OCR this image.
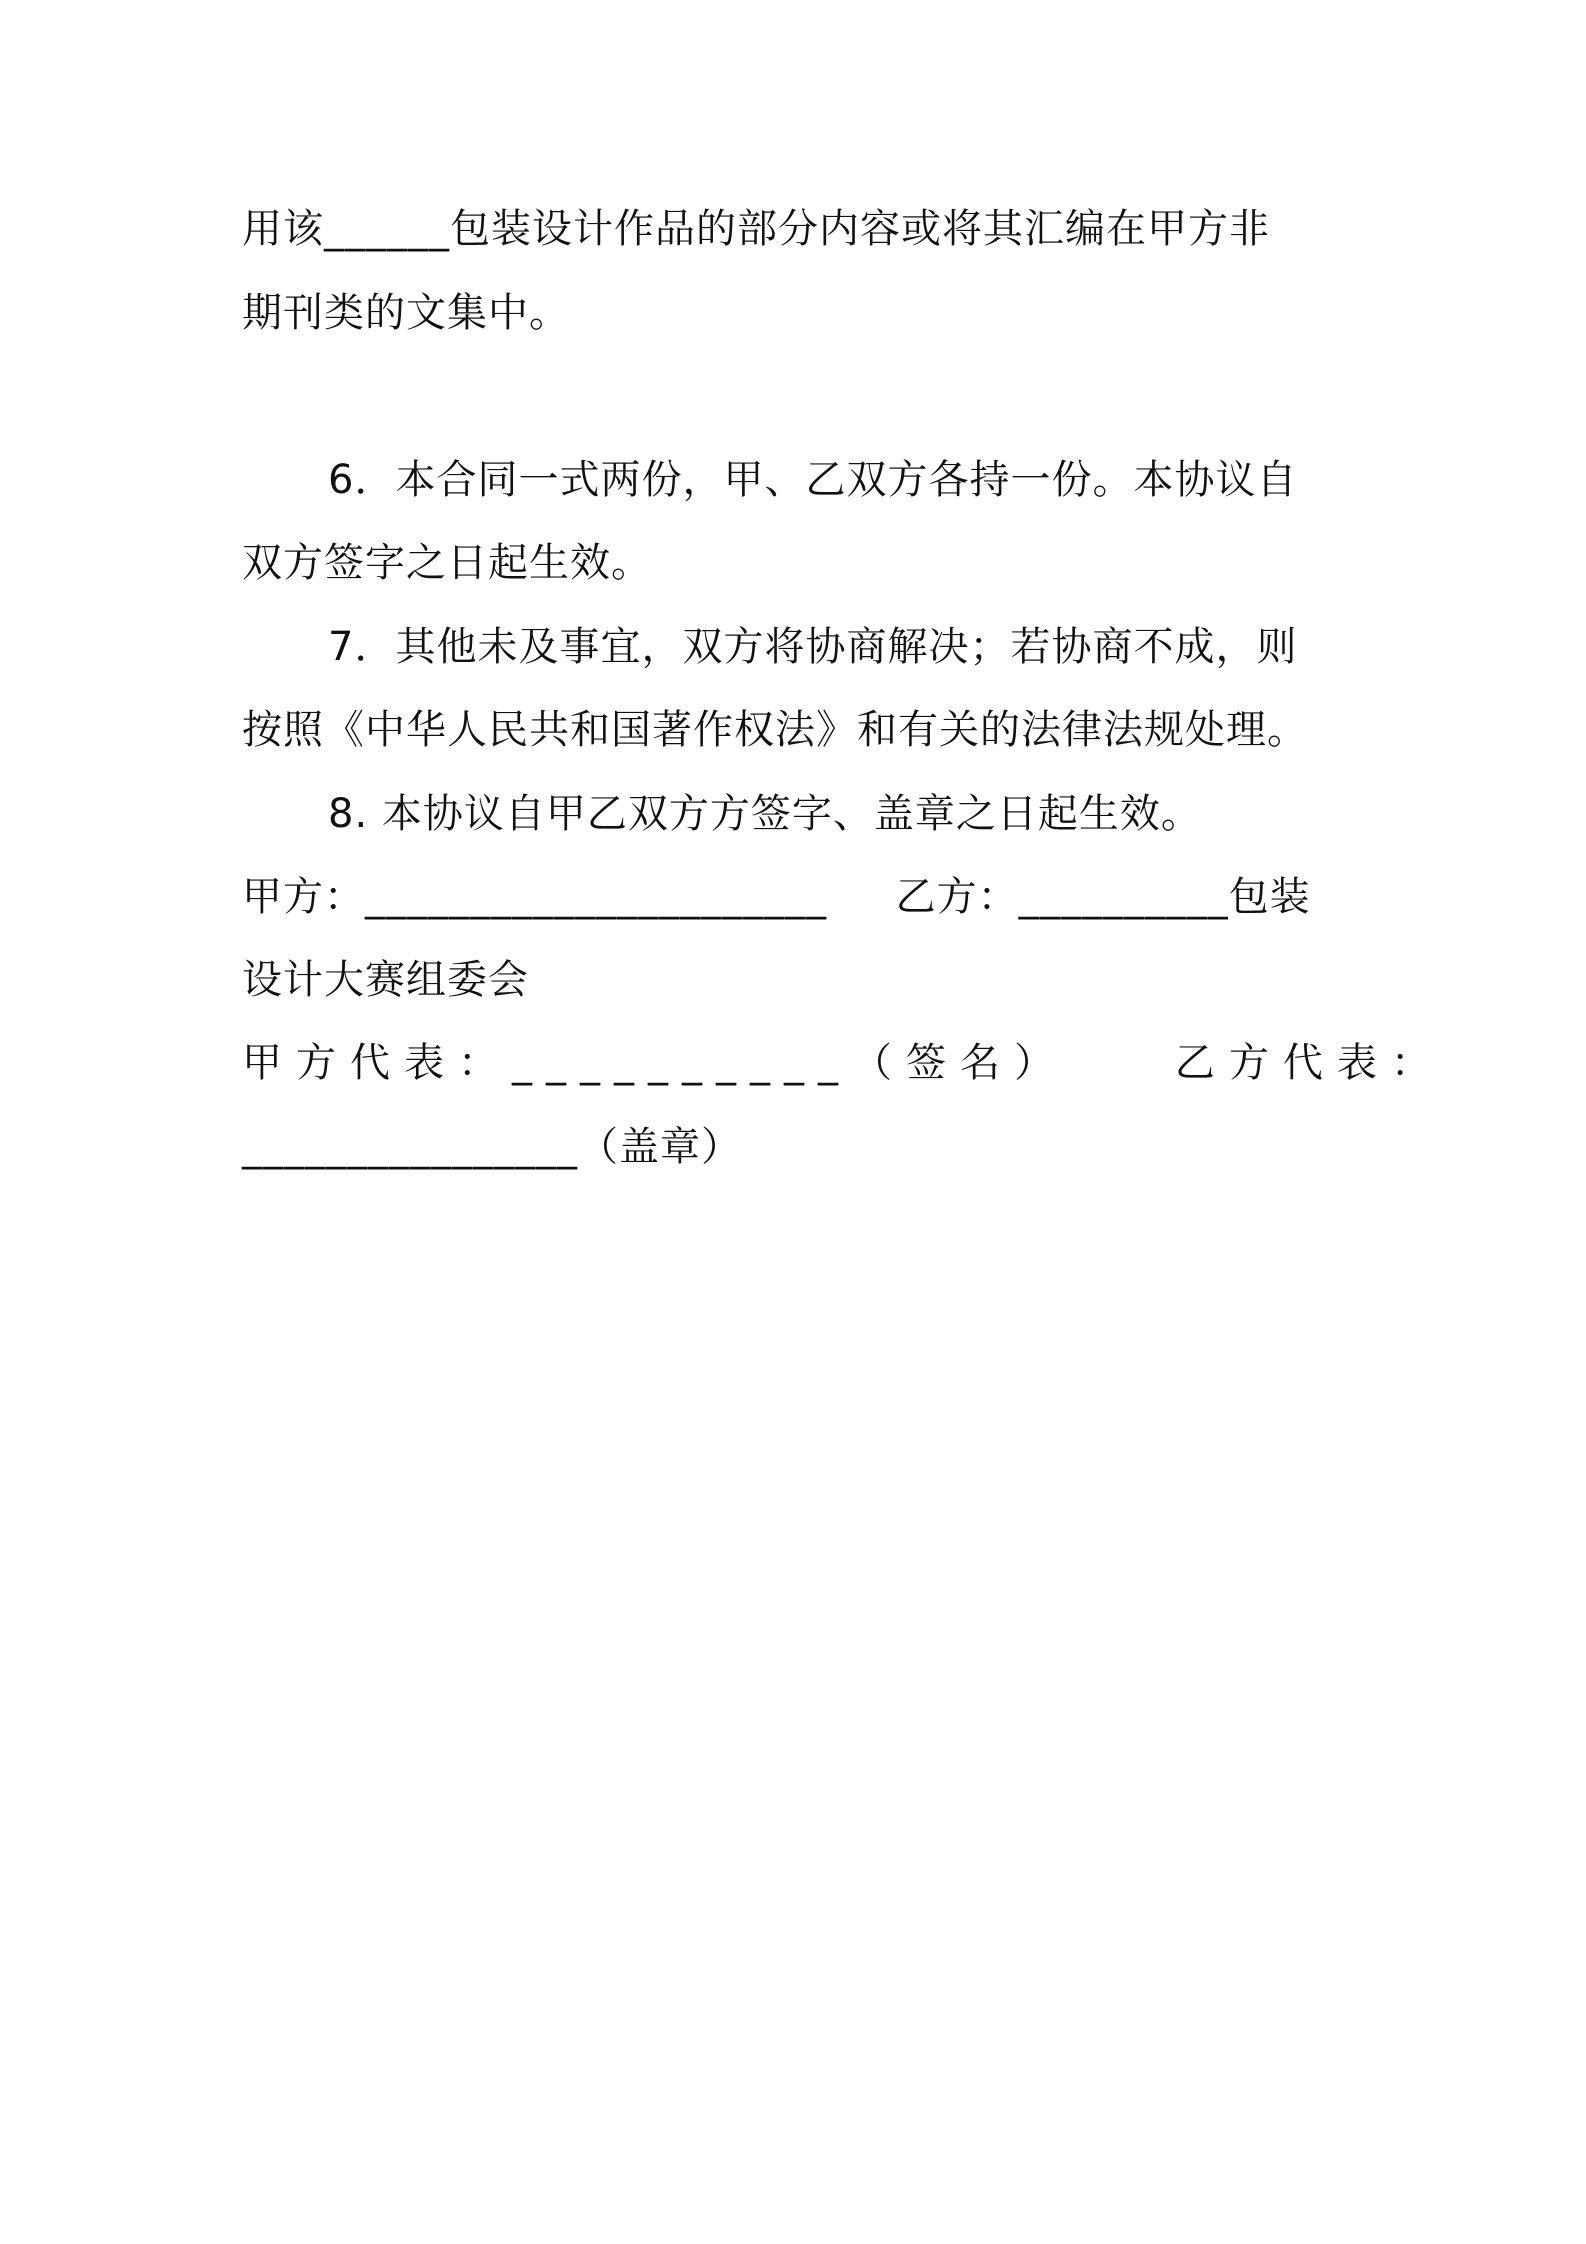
用该______包装设计作品的部分内容或将其汇编在甲方非
期刊类的文集中。
6．本合同一式两份，甲、乙双方各持一份。本协议自
双方签字之日起生效。
7．其他未及事宜，双方将协商解决；若协商不成，则
按照《中华人民共和国著作权法》和有关的法律法规处理。
8. 本协议自甲乙双方方签字、盖章之日起生效。
甲方：______________________     乙方：__________包装
设计大赛组委会
甲方代表：__________（签名）    乙方代表：
________________（盖章）
